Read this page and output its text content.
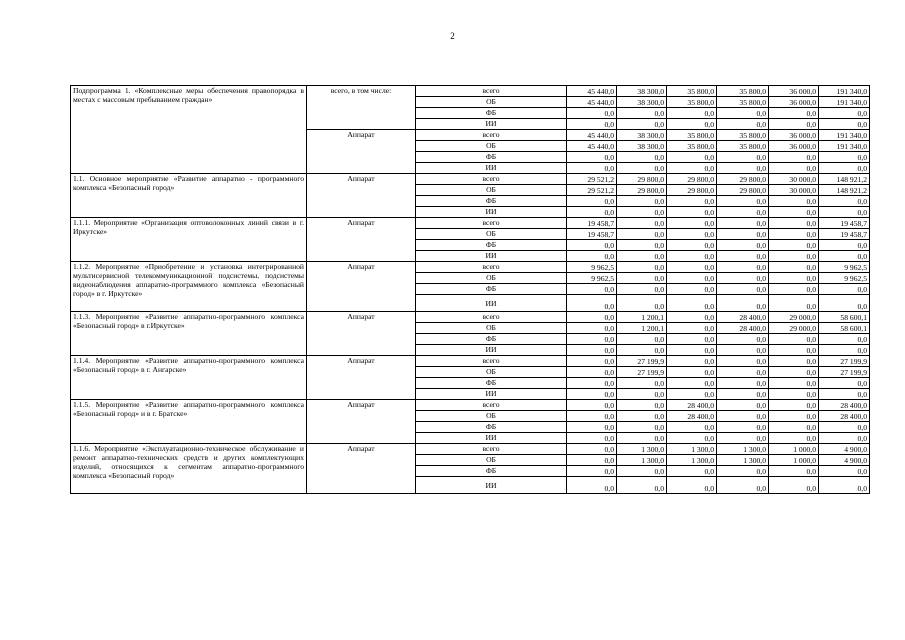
2
Подпрограмма 1. «Комплексные меры обеспечения правопорядка в местах с массовым пребыванием граждан»	всего, в том числе:	всего	45 440,0	38 300,0	35 800,0	35 800,0	36 000,0	191 340,0
		ОБ	45 440,0	38 300,0	35 800,0	35 800,0	36 000,0	191 340,0
		ФБ	0,0	0,0	0,0	0,0	0,0	0,0
		ИИ	0,0	0,0	0,0	0,0	0,0	0,0
	Аппарат	всего	45 440,0	38 300,0	35 800,0	35 800,0	36 000,0	191 340,0
		ОБ	45 440,0	38 300,0	35 800,0	35 800,0	36 000,0	191 340,0
		ФБ	0,0	0,0	0,0	0,0	0,0	0,0
		ИИ	0,0	0,0	0,0	0,0	0,0	0,0
1.1. Основное мероприятие «Развитие аппаратно - программного комплекса «Безопасный город»	Аппарат	всего	29 521,2	29 800,0	29 800,0	29 800,0	30 000,0	148 921,2
		ОБ	29 521,2	29 800,0	29 800,0	29 800,0	30 000,0	148 921,2
		ФБ	0,0	0,0	0,0	0,0	0,0	0,0
		ИИ	0,0	0,0	0,0	0,0	0,0	0,0
1.1.1. Мероприятие «Организация оптоволоконных линий связи в г. Иркутске»	Аппарат	всего	19 458,7	0,0	0,0	0,0	0,0	19 458,7
		ОБ	19 458,7	0,0	0,0	0,0	0,0	19 458,7
		ФБ	0,0	0,0	0,0	0,0	0,0	0,0
		ИИ	0,0	0,0	0,0	0,0	0,0	0,0
1.1.2. Мероприятие «Приобретение и установка интегрированной мультисервисной телекоммуникационной подсистемы, подсистемы видеонаблюдения аппаратно-программного комплекса «Безопасный город» в г. Иркутске»	Аппарат	всего	9 962,5	0,0	0,0	0,0	0,0	9 962,5
		ОБ	9 962,5	0,0	0,0	0,0	0,0	9 962,5
		ФБ	0,0	0,0	0,0	0,0	0,0	0,0
		ИИ	0,0	0,0	0,0	0,0	0,0	0,0
1.1.3. Мероприятие «Развитие аппаратно-программного комплекса «Безопасный город» в г.Иркутске»	Аппарат	всего	0,0	1 200,1	0,0	28 400,0	29 000,0	58 600,1
		ОБ	0,0	1 200,1	0,0	28 400,0	29 000,0	58 600,1
		ФБ	0,0	0,0	0,0	0,0	0,0	0,0
		ИИ	0,0	0,0	0,0	0,0	0,0	0,0
1.1.4. Мероприятие «Развитие аппаратно-программного комплекса «Безопасный город» в г. Ангарске»	Аппарат	всего	0,0	27 199,9	0,0	0,0	0,0	27 199,9
		ОБ	0,0	27 199,9	0,0	0,0	0,0	27 199,9
		ФБ	0,0	0,0	0,0	0,0	0,0	0,0
		ИИ	0,0	0,0	0,0	0,0	0,0	0,0
1.1.5. Мероприятие «Развитие аппаратно-программного комплекса «Безопасный город» и в г. Братске»	Аппарат	всего	0,0	0,0	28 400,0	0,0	0,0	28 400,0
		ОБ	0,0	0,0	28 400,0	0,0	0,0	28 400,0
		ФБ	0,0	0,0	0,0	0,0	0,0	0,0
		ИИ	0,0	0,0	0,0	0,0	0,0	0,0
1.1.6. Мероприятие «Эксплуатационно-техническое обслуживание и ремонт аппаратно-технических средств и других комплектующих изделий, относящихся к сегментам аппаратно-программного комплекса «Безопасный город»	Аппарат	всего	0,0	1 300,0	1 300,0	1 300,0	1 000,0	4 900,0
		ОБ	0,0	1 300,0	1 300,0	1 300,0	1 000,0	4 900,0
		ФБ	0,0	0,0	0,0	0,0	0,0	0,0
		ИИ	0,0	0,0	0,0	0,0	0,0	0,0
